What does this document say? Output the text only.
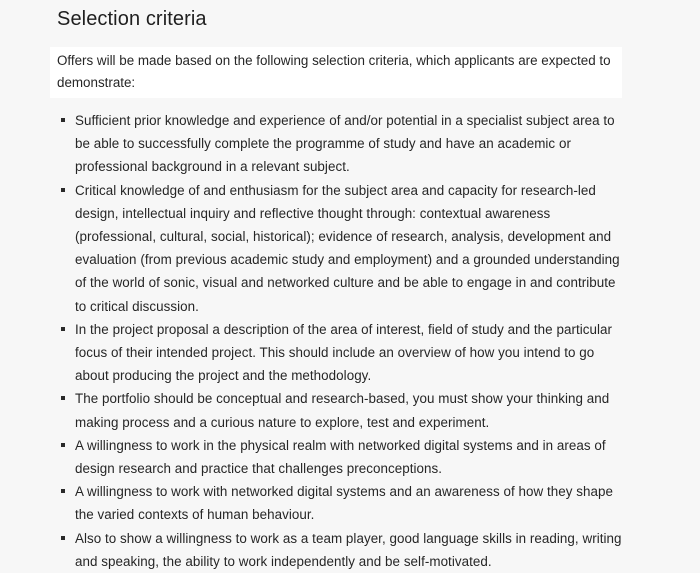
Selection criteria
Offers will be made based on the following selection criteria, which applicants are expected to demonstrate:
Sufficient prior knowledge and experience of and/or potential in a specialist subject area to be able to successfully complete the programme of study and have an academic or professional background in a relevant subject.
Critical knowledge of and enthusiasm for the subject area and capacity for research-led design, intellectual inquiry and reflective thought through: contextual awareness (professional, cultural, social, historical); evidence of research, analysis, development and evaluation (from previous academic study and employment) and a grounded understanding of the world of sonic, visual and networked culture and be able to engage in and contribute to critical discussion.
In the project proposal a description of the area of interest, field of study and the particular focus of their intended project. This should include an overview of how you intend to go about producing the project and the methodology.
The portfolio should be conceptual and research-based, you must show your thinking and making process and a curious nature to explore, test and experiment.
A willingness to work in the physical realm with networked digital systems and in areas of design research and practice that challenges preconceptions.
A willingness to work with networked digital systems and an awareness of how they shape the varied contexts of human behaviour.
Also to show a willingness to work as a team player, good language skills in reading, writing and speaking, the ability to work independently and be self-motivated.
